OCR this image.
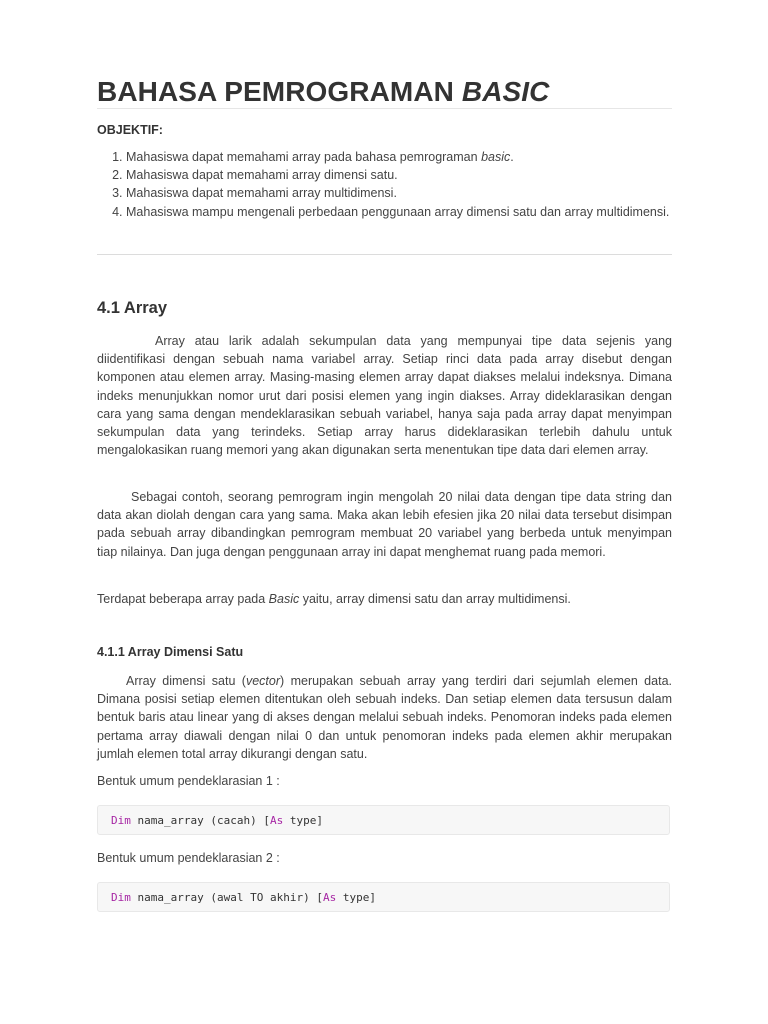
BAHASA PEMROGRAMAN BASIC
OBJEKTIF:
1. Mahasiswa dapat memahami array pada bahasa pemrograman basic.
2. Mahasiswa dapat memahami array dimensi satu.
3. Mahasiswa dapat memahami array multidimensi.
4. Mahasiswa mampu mengenali perbedaan penggunaan array dimensi satu dan array multidimensi.
4.1 Array

Array atau larik adalah sekumpulan data yang mempunyai tipe data sejenis yang diidentifikasi dengan sebuah nama variabel array. Setiap rinci data pada array disebut dengan komponen atau elemen array. Masing-masing elemen array dapat diakses melalui indeksnya. Dimana indeks menunjukkan nomor urut dari posisi elemen yang ingin diakses. Array dideklarasikan dengan cara yang sama dengan mendeklarasikan sebuah variabel, hanya saja pada array dapat menyimpan sekumpulan data yang terindeks. Setiap array harus dideklarasikan terlebih dahulu untuk mengalokasikan ruang memori yang akan digunakan serta menentukan tipe data dari elemen array.

Sebagai contoh, seorang pemrogram ingin mengolah 20 nilai data dengan tipe data string dan data akan diolah dengan cara yang sama. Maka akan lebih efesien jika 20 nilai data tersebut disimpan pada sebuah array dibandingkan pemrogram membuat 20 variabel yang berbeda untuk menyimpan tiap nilainya. Dan juga dengan penggunaan array ini dapat menghemat ruang pada memori.

Terdapat beberapa array pada Basic yaitu, array dimensi satu dan array multidimensi.

4.1.1 Array Dimensi Satu

Array dimensi satu (vector) merupakan sebuah array yang terdiri dari sejumlah elemen data. Dimana posisi setiap elemen ditentukan oleh sebuah indeks. Dan setiap elemen data tersusun dalam bentuk baris atau linear yang di akses dengan melalui sebuah indeks. Penomoran indeks pada elemen pertama array diawali dengan nilai 0 dan untuk penomoran indeks pada elemen akhir merupakan jumlah elemen total array dikurangi dengan satu.

Bentuk umum pendeklarasian 1 :
Dim nama_array (cacah) [As type]
Bentuk umum pendeklarasian 2 :
Dim nama_array (awal TO akhir) [As type]
